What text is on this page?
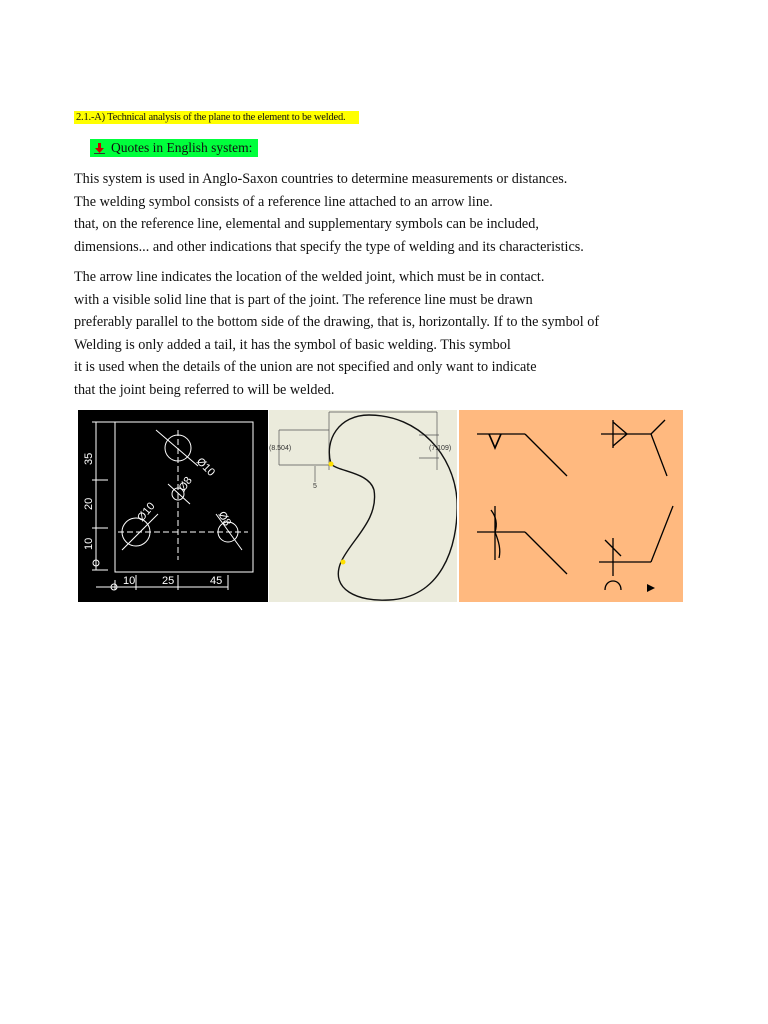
2.1.-A) Technical analysis of the plane to the element to be welded.
Quotes in English system:
This system is used in Anglo-Saxon countries to determine measurements or distances.
The welding symbol consists of a reference line attached to an arrow line.
that, on the reference line, elemental and supplementary symbols can be included,
dimensions... and other indications that specify the type of welding and its characteristics.
The arrow line indicates the location of the welded joint, which must be in contact.
with a visible solid line that is part of the joint. The reference line must be drawn
preferably parallel to the bottom side of the drawing, that is, horizontally. If to the symbol of
Welding is only added a tail, it has the symbol of basic welding. This symbol
it is used when the details of the union are not specified and only want to indicate
that the joint being referred to will be welded.
35
20
10
10 25	45
Ø10
Ø10
Ø8
Ø8
(8.504)	(7.109)
5
